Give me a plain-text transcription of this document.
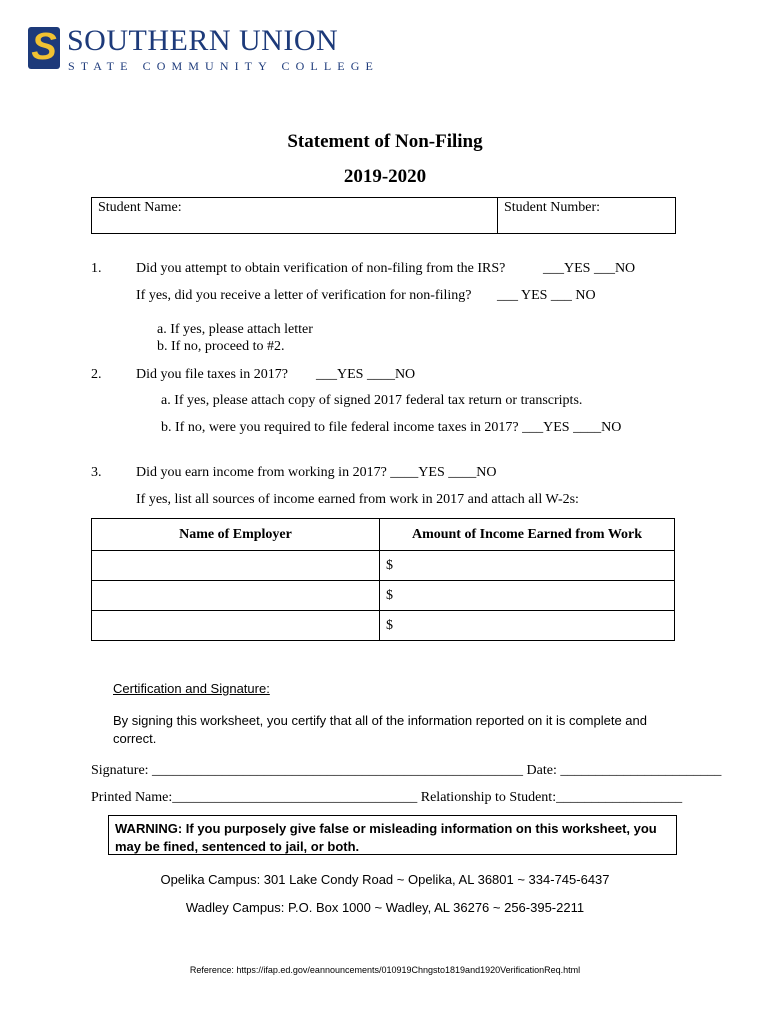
S SOUTHERN UNION
STATE COMMUNITY COLLEGE
Statement of Non-Filing
2019-2020
Student Name:	Student Number:
1. Did you attempt to obtain verification of non-filing from the IRS?	___YES ___NO
If yes, did you receive a letter of verification for non-filing? ___ YES ___ NO
a. If yes, please attach letter
b. If no, proceed to #2.
2. Did you file taxes in 2017? ___YES ____NO
a. If yes, please attach copy of signed 2017 federal tax return or transcripts.
b. If no, were you required to file federal income taxes in 2017? ___YES ____NO
3. Did you earn income from working in 2017? ____YES ____NO
If yes, list all sources of income earned from work in 2017 and attach all W-2s:
Name of Employer	Amount of Income Earned from Work
	$
	$
	$
Certification and Signature:
By signing this worksheet, you certify that all of the information reported on it is complete and
correct.
Signature: _____________________________________________________ Date: _______________________
Printed Name:___________________________________ Relationship to Student:__________________
WARNING: If you purposely give false or misleading information on this worksheet, you may be fined, sentenced to jail, or both.
Opelika Campus: 301 Lake Condy Road ~ Opelika, AL 36801 ~ 334-745-6437
Wadley Campus: P.O. Box 1000 ~ Wadley, AL 36276 ~ 256-395-2211
Reference: https://ifap.ed.gov/eannouncements/010919Chngsto1819and1920VerificationReq.html
